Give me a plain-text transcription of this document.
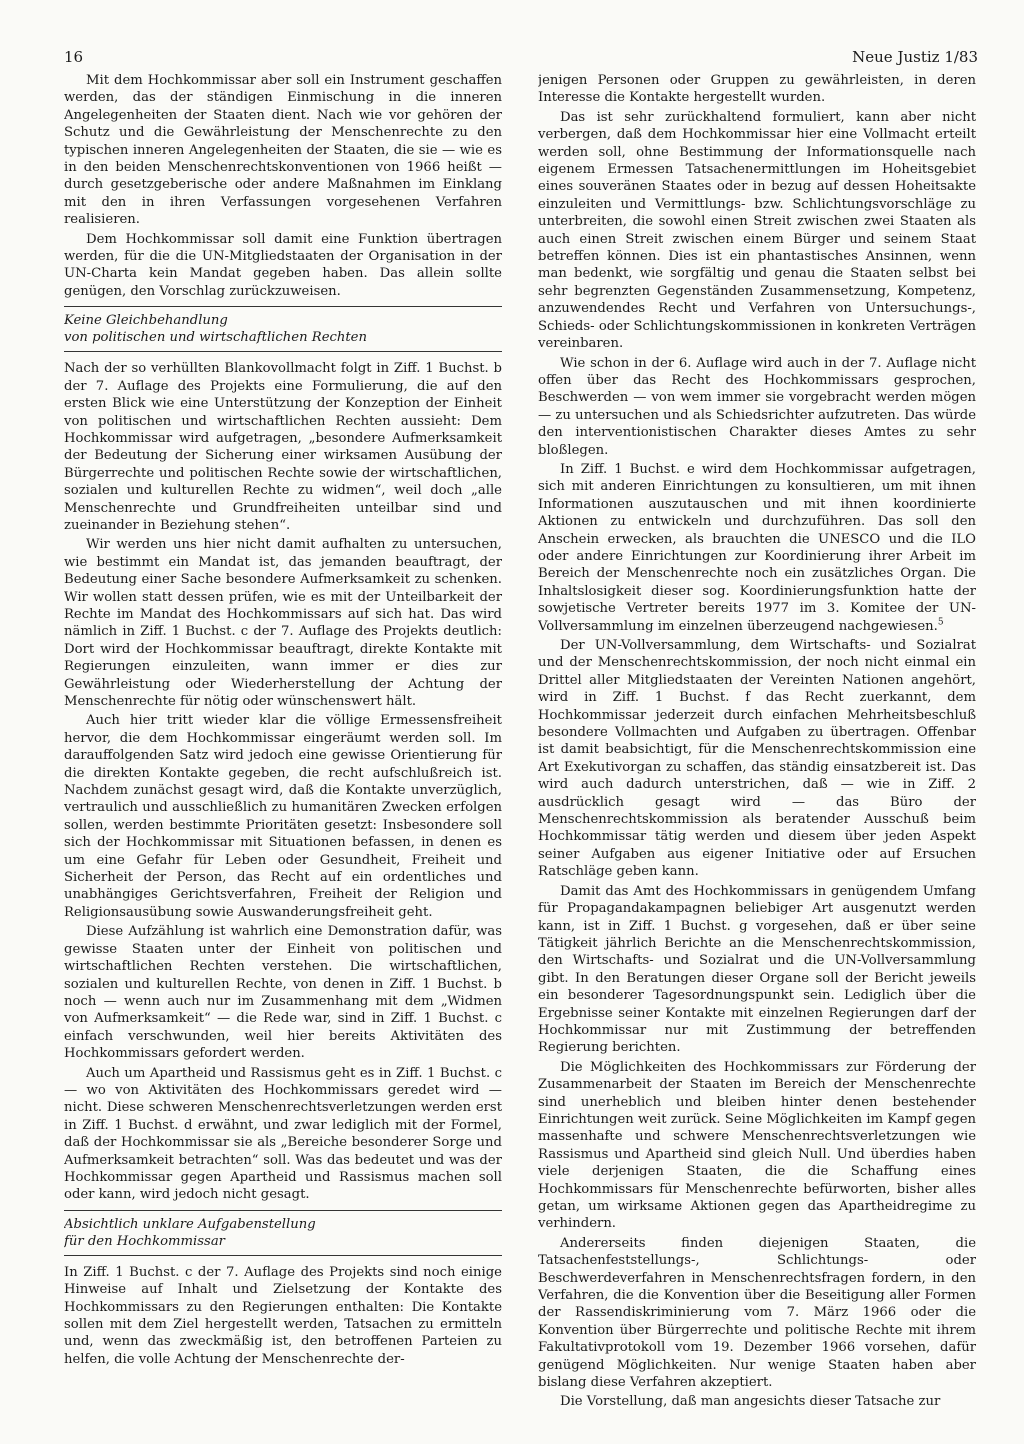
16	Neue Justiz 1/83

Mit dem Hochkommissar aber soll ein Instrument geschaffen werden, das der ständigen Einmischung in die inneren Angelegenheiten der Staaten dient. Nach wie vor gehören der Schutz und die Gewährleistung der Menschenrechte zu den typischen inneren Angelegenheiten der Staaten, die sie — wie es in den beiden Menschenrechtskonventionen von 1966 heißt — durch gesetzgeberische oder andere Maßnahmen im Einklang mit den in ihren Verfassungen vorgesehenen Verfahren realisieren.

Dem Hochkommissar soll damit eine Funktion übertragen werden, für die die UN-Mitgliedstaaten der Organisation in der UN-Charta kein Mandat gegeben haben. Das allein sollte genügen, den Vorschlag zurückzuweisen.

Keine Gleichbehandlung
von politischen und wirtschaftlichen Rechten

Nach der so verhüllten Blankovollmacht folgt in Ziff. 1 Buchst. b der 7. Auflage des Projekts eine Formulierung, die auf den ersten Blick wie eine Unterstützung der Konzeption der Einheit von politischen und wirtschaftlichen Rechten aussieht: Dem Hochkommissar wird aufgetragen, „besondere Aufmerksamkeit der Bedeutung der Sicherung einer wirksamen Ausübung der Bürgerrechte und politischen Rechte sowie der wirtschaftlichen, sozialen und kulturellen Rechte zu widmen“, weil doch „alle Menschenrechte und Grundfreiheiten unteilbar sind und zueinander in Beziehung stehen“.

Wir werden uns hier nicht damit aufhalten zu untersuchen, wie bestimmt ein Mandat ist, das jemanden beauftragt, der Bedeutung einer Sache besondere Aufmerksamkeit zu schenken. Wir wollen statt dessen prüfen, wie es mit der Unteilbarkeit der Rechte im Mandat des Hochkommissars auf sich hat. Das wird nämlich in Ziff. 1 Buchst. c der 7. Auflage des Projekts deutlich: Dort wird der Hochkommissar beauftragt, direkte Kontakte mit Regierungen einzuleiten, wann immer er dies zur Gewährleistung oder Wiederherstellung der Achtung der Menschenrechte für nötig oder wünschenswert hält.

Auch hier tritt wieder klar die völlige Ermessensfreiheit hervor, die dem Hochkommissar eingeräumt werden soll. Im darauffolgenden Satz wird jedoch eine gewisse Orientierung für die direkten Kontakte gegeben, die recht aufschlußreich ist. Nachdem zunächst gesagt wird, daß die Kontakte unverzüglich, vertraulich und ausschließlich zu humanitären Zwecken erfolgen sollen, werden bestimmte Prioritäten gesetzt: Insbesondere soll sich der Hochkommissar mit Situationen befassen, in denen es um eine Gefahr für Leben oder Gesundheit, Freiheit und Sicherheit der Person, das Recht auf ein ordentliches und unabhängiges Gerichtsverfahren, Freiheit der Religion und Religionsausübung sowie Auswanderungsfreiheit geht.

Diese Aufzählung ist wahrlich eine Demonstration dafür, was gewisse Staaten unter der Einheit von politischen und wirtschaftlichen Rechten verstehen. Die wirtschaftlichen, sozialen und kulturellen Rechte, von denen in Ziff. 1 Buchst. b noch — wenn auch nur im Zusammenhang mit dem „Widmen von Aufmerksamkeit“ — die Rede war, sind in Ziff. 1 Buchst. c einfach verschwunden, weil hier bereits Aktivitäten des Hochkommissars gefordert werden.

Auch um Apartheid und Rassismus geht es in Ziff. 1 Buchst. c — wo von Aktivitäten des Hochkommissars geredet wird — nicht. Diese schweren Menschenrechtsverletzungen werden erst in Ziff. 1 Buchst. d erwähnt, und zwar lediglich mit der Formel, daß der Hochkommissar sie als „Bereiche besonderer Sorge und Aufmerksamkeit betrachten“ soll. Was das bedeutet und was der Hochkommissar gegen Apartheid und Rassismus machen soll oder kann, wird jedoch nicht gesagt.

Absichtlich unklare Aufgabenstellung
für den Hochkommissar

In Ziff. 1 Buchst. c der 7. Auflage des Projekts sind noch einige Hinweise auf Inhalt und Zielsetzung der Kontakte des Hochkommissars zu den Regierungen enthalten: Die Kontakte sollen mit dem Ziel hergestellt werden, Tatsachen zu ermitteln und, wenn das zweckmäßig ist, den betroffenen Parteien zu helfen, die volle Achtung der Menschenrechte der-

jenigen Personen oder Gruppen zu gewährleisten, in deren Interesse die Kontakte hergestellt wurden.

Das ist sehr zurückhaltend formuliert, kann aber nicht verbergen, daß dem Hochkommissar hier eine Vollmacht erteilt werden soll, ohne Bestimmung der Informationsquelle nach eigenem Ermessen Tatsachenermittlungen im Hoheitsgebiet eines souveränen Staates oder in bezug auf dessen Hoheitsakte einzuleiten und Vermittlungs- bzw. Schlichtungsvorschläge zu unterbreiten, die sowohl einen Streit zwischen zwei Staaten als auch einen Streit zwischen einem Bürger und seinem Staat betreffen können. Dies ist ein phantastisches Ansinnen, wenn man bedenkt, wie sorgfältig und genau die Staaten selbst bei sehr begrenzten Gegenständen Zusammensetzung, Kompetenz, anzuwendendes Recht und Verfahren von Untersuchungs-, Schieds- oder Schlichtungskommissionen in konkreten Verträgen vereinbaren.

Wie schon in der 6. Auflage wird auch in der 7. Auflage nicht offen über das Recht des Hochkommissars gesprochen, Beschwerden — von wem immer sie vorgebracht werden mögen — zu untersuchen und als Schiedsrichter aufzutreten. Das würde den interventionistischen Charakter dieses Amtes zu sehr bloßlegen.

In Ziff. 1 Buchst. e wird dem Hochkommissar aufgetragen, sich mit anderen Einrichtungen zu konsultieren, um mit ihnen Informationen auszutauschen und mit ihnen koordinierte Aktionen zu entwickeln und durchzuführen. Das soll den Anschein erwecken, als brauchten die UNESCO und die ILO oder andere Einrichtungen zur Koordinierung ihrer Arbeit im Bereich der Menschenrechte noch ein zusätzliches Organ. Die Inhaltslosigkeit dieser sog. Koordinierungsfunktion hatte der sowjetische Vertreter bereits 1977 im 3. Komitee der UN-Vollversammlung im einzelnen überzeugend nachgewiesen.$^5$

Der UN-Vollversammlung, dem Wirtschafts- und Sozialrat und der Menschenrechtskommission, der noch nicht einmal ein Drittel aller Mitgliedstaaten der Vereinten Nationen angehört, wird in Ziff. 1 Buchst. f das Recht zuerkannt, dem Hochkommissar jederzeit durch einfachen Mehrheitsbeschluß besondere Vollmachten und Aufgaben zu übertragen. Offenbar ist damit beabsichtigt, für die Menschenrechtskommission eine Art Exekutivorgan zu schaffen, das ständig einsatzbereit ist. Das wird auch dadurch unterstrichen, daß — wie in Ziff. 2 ausdrücklich gesagt wird — das Büro der Menschenrechtskommission als beratender Ausschuß beim Hochkommissar tätig werden und diesem über jeden Aspekt seiner Aufgaben aus eigener Initiative oder auf Ersuchen Ratschläge geben kann.

Damit das Amt des Hochkommissars in genügendem Umfang für Propagandakampagnen beliebiger Art ausgenutzt werden kann, ist in Ziff. 1 Buchst. g vorgesehen, daß er über seine Tätigkeit jährlich Berichte an die Menschenrechtskommission, den Wirtschafts- und Sozialrat und die UN-Vollversammlung gibt. In den Beratungen dieser Organe soll der Bericht jeweils ein besonderer Tagesordnungspunkt sein. Lediglich über die Ergebnisse seiner Kontakte mit einzelnen Regierungen darf der Hochkommissar nur mit Zustimmung der betreffenden Regierung berichten.

Die Möglichkeiten des Hochkommissars zur Förderung der Zusammenarbeit der Staaten im Bereich der Menschenrechte sind unerheblich und bleiben hinter denen bestehender Einrichtungen weit zurück. Seine Möglichkeiten im Kampf gegen massenhafte und schwere Menschenrechtsverletzungen wie Rassismus und Apartheid sind gleich Null. Und überdies haben viele derjenigen Staaten, die die Schaffung eines Hochkommissars für Menschenrechte befürworten, bisher alles getan, um wirksame Aktionen gegen das Apartheidregime zu verhindern.

Andererseits finden diejenigen Staaten, die Tatsachenfeststellungs-, Schlichtungs- oder Beschwerdeverfahren in Menschenrechtsfragen fordern, in den Verfahren, die die Konvention über die Beseitigung aller Formen der Rassendiskriminierung vom 7. März 1966 oder die Konvention über Bürgerrechte und politische Rechte mit ihrem Fakultativprotokoll vom 19. Dezember 1966 vorsehen, dafür genügend Möglichkeiten. Nur wenige Staaten haben aber bislang diese Verfahren akzeptiert.

Die Vorstellung, daß man angesichts dieser Tatsache zur
